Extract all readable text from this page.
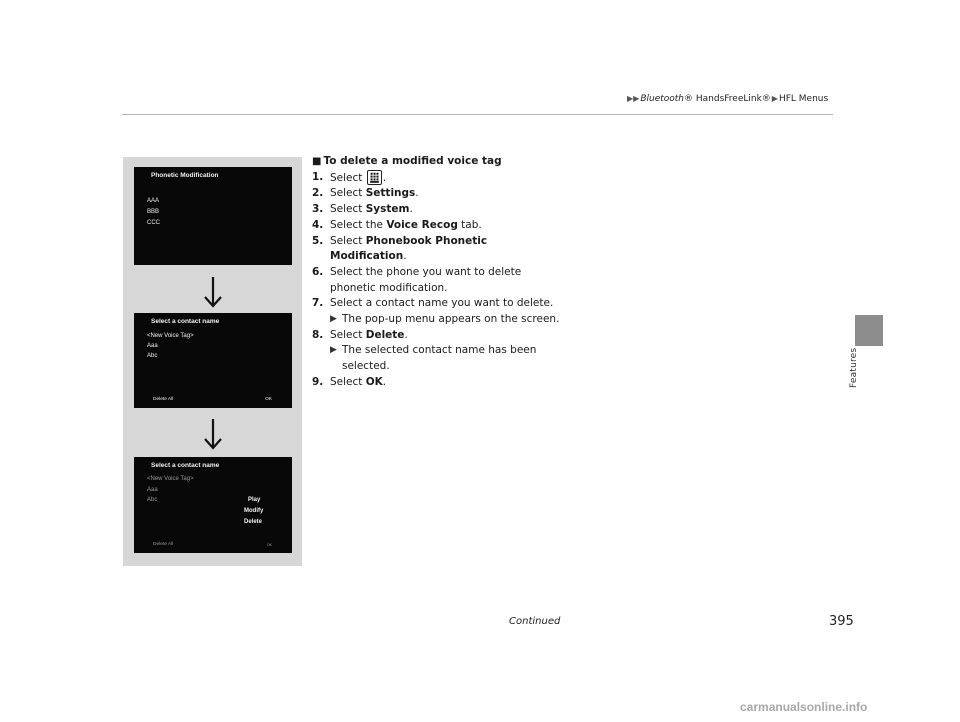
▶▶Bluetooth® HandsFreeLink®▶HFL Menus
Features
Phonetic Modification
AAA
BBB
CCC
Select a contact name
<New Voice Tag>
Aaa
Abc
Delete All	OK
Select a contact name
<New Voice Tag>
Aaa
Abc	Play
Modify
Delete
Delete All	OK
■ To delete a modified voice tag
1. Select .
2. Select Settings.
3. Select System.
4. Select the Voice Recog tab.
5. Select Phonebook Phonetic
Modification.
6. Select the phone you want to delete
phonetic modification.
7. Select a contact name you want to delete.
▶ The pop-up menu appears on the screen.
8. Select Delete.
▶ The selected contact name has been
selected.
9. Select OK.
Continued	395
carmanualsonline.info
